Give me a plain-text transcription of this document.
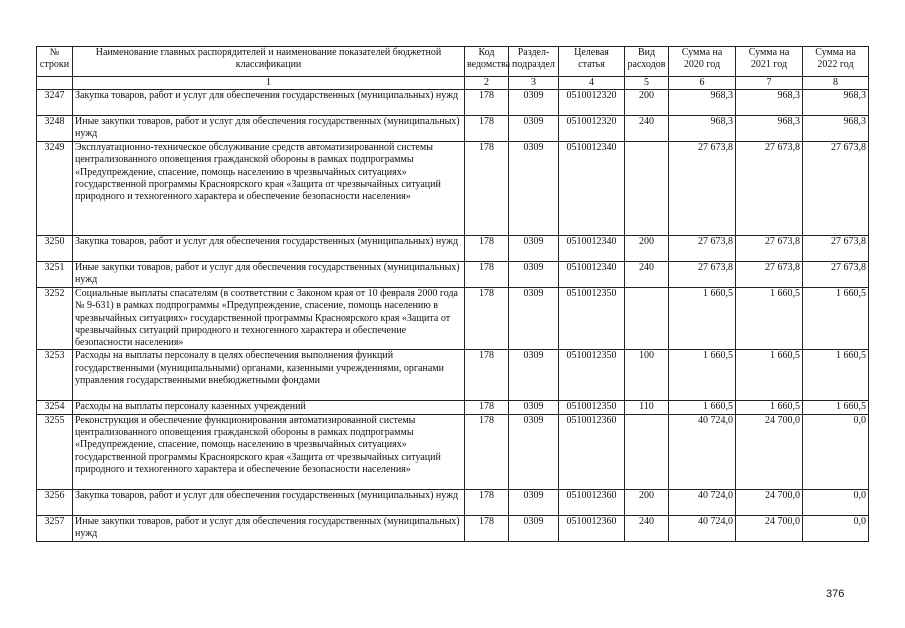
№ строки	Наименование главных распорядителей и наименование показателей бюджетной классификации	Код ведомства	Раздел-подраздел	Целевая статья	Вид расходов	Сумма на 2020 год	Сумма на 2021 год	Сумма на 2022 год
	1	2	3	4	5	6	7	8
3247	Закупка товаров, работ и услуг для обеспечения государственных (муниципальных) нужд	178	0309	0510012320	200	968,3	968,3	968,3
3248	Иные закупки товаров, работ и услуг для обеспечения государственных (муниципальных) нужд	178	0309	0510012320	240	968,3	968,3	968,3
3249	Эксплуатационно-техническое обслуживание средств автоматизированной системы централизованного оповещения гражданской обороны в рамках подпрограммы «Предупреждение, спасение, помощь населению в чрезвычайных ситуациях» государственной программы Красноярского края «Защита от чрезвычайных ситуаций природного и техногенного характера и обеспечение безопасности населения»	178	0309	0510012340		27 673,8	27 673,8	27 673,8
3250	Закупка товаров, работ и услуг для обеспечения государственных (муниципальных) нужд	178	0309	0510012340	200	27 673,8	27 673,8	27 673,8
3251	Иные закупки товаров, работ и услуг для обеспечения государственных (муниципальных) нужд	178	0309	0510012340	240	27 673,8	27 673,8	27 673,8
3252	Социальные выплаты спасателям (в соответствии с Законом края от 10 февраля 2000 года № 9-631) в рамках подпрограммы «Предупреждение, спасение, помощь населению в чрезвычайных ситуациях» государственной программы Красноярского края «Защита от чрезвычайных ситуаций природного и техногенного характера и обеспечение безопасности населения»	178	0309	0510012350		1 660,5	1 660,5	1 660,5
3253	Расходы на выплаты персоналу в целях обеспечения выполнения функций государственными (муниципальными) органами, казенными учреждениями, органами управления государственными внебюджетными фондами	178	0309	0510012350	100	1 660,5	1 660,5	1 660,5
3254	Расходы на выплаты персоналу казенных учреждений	178	0309	0510012350	110	1 660,5	1 660,5	1 660,5
3255	Реконструкция и обеспечение функционирования автоматизированной системы централизованного оповещения гражданской обороны в рамках подпрограммы «Предупреждение, спасение, помощь населению в чрезвычайных ситуациях» государственной программы Красноярского края «Защита от чрезвычайных ситуаций природного и техногенного характера и обеспечение безопасности населения»	178	0309	0510012360		40 724,0	24 700,0	0,0
3256	Закупка товаров, работ и услуг для обеспечения государственных (муниципальных) нужд	178	0309	0510012360	200	40 724,0	24 700,0	0,0
3257	Иные закупки товаров, работ и услуг для обеспечения государственных (муниципальных) нужд	178	0309	0510012360	240	40 724,0	24 700,0	0,0
376
